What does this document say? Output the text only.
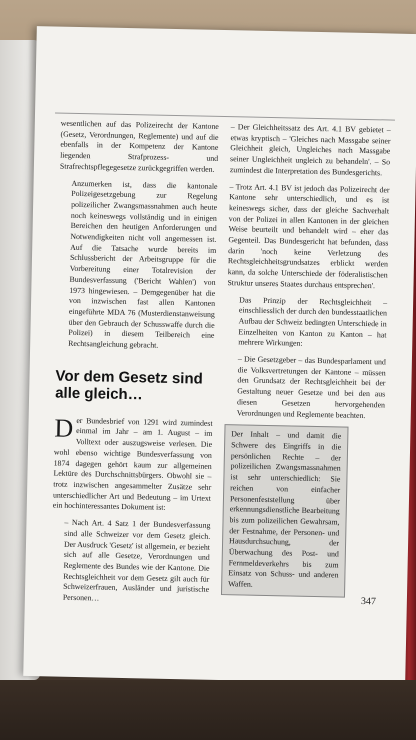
wesentlichen auf das Polizeirecht der Kantone (Gesetz, Verordnungen, Reglemente) und auf die ebenfalls in der Kompetenz der Kantone liegenden Strafprozess- und Strafrechtspflegegesetze zurückgegriffen werden.

Anzumerken ist, dass die kantonale Polizeigesetzgebung zur Regelung polizeilicher Zwangsmassnahmen auch heute noch keineswegs vollständig und in einigen Bereichen den heutigen Anforderungen und Notwendigkeiten nicht voll angemessen ist. Auf die Tatsache wurde bereits im Schlussbericht der Arbeitsgruppe für die Vorbereitung einer Totalrevision der Bundesverfassung ('Bericht Wahlen') von 1973 hingewiesen. – Demgegenüber hat die von inzwischen fast allen Kantonen eingeführte MDA 76 (Musterdienstanweisung über den Gebrauch der Schusswaffe durch die Polizei) in diesem Teilbereich eine Rechtsangleichung gebracht.

Vor dem Gesetz sind alle gleich…

D er Bundesbrief von 1291 wird zumindest einmal im Jahr – am 1. August – im Volltext oder auszugsweise verlesen. Die wohl ebenso wichtige Bundesverfassung von 1874 dagegen gehört kaum zur allgemeinen Lektüre des Durchschnittsbürgers. Obwohl sie – trotz inzwischen angesammelter Zusätze sehr unterschiedlicher Art und Bedeutung – im Urtext ein hochinteressantes Dokument ist:

– Nach Art. 4 Satz 1 der Bundesverfassung sind alle Schweizer vor dem Gesetz gleich. Der Ausdruck 'Gesetz' ist allgemein, er bezieht sich auf alle Gesetze, Verordnungen und Reglemente des Bundes wie der Kantone. Die Rechtsgleichheit vor dem Gesetz gilt auch für Schweizerfrauen, Ausländer und juristische Personen…

– Der Gleichheitssatz des Art. 4.1 BV gebietet – etwas kryptisch – 'Gleiches nach Massgabe seiner Gleichheit gleich, Ungleiches nach Massgabe seiner Ungleichheit ungleich zu behandeln'. – So zumindest die Interpretation des Bundesgerichts.

– Trotz Art. 4.1 BV ist jedoch das Polizeirecht der Kantone sehr unterschiedlich, und es ist keineswegs sicher, dass der gleiche Sachverhalt von der Polizei in allen Kantonen in der gleichen Weise beurteilt und behandelt wird – eher das Gegenteil. Das Bundesgericht hat befunden, dass darin 'noch keine Verletzung des Rechtsgleichheitsgrundsatzes erblickt werden kann, da solche Unterschiede der föderalistischen Struktur unseres Staates durchaus entsprechen'.

Das Prinzip der Rechtsgleichheit – einschliesslich der durch den bundesstaatlichen Aufbau der Schweiz bedingten Unterschiede in Einzelheiten von Kanton zu Kanton – hat mehrere Wirkungen:

– Die Gesetzgeber – das Bundesparlament und die Volksvertretungen der Kantone – müssen den Grundsatz der Rechtsgleichheit bei der Gestaltung neuer Gesetze und bei den aus diesen Gesetzen hervorgehenden Verordnungen und Reglemente beachten.

Der Inhalt – und damit die Schwere des Eingriffs in die persönlichen Rechte – der polizeilichen Zwangsmassnahmen ist sehr unterschiedlich: Sie reichen von einfacher Personenfeststellung über erkennungsdienstliche Bearbeitung bis zum polizeilichen Gewahrsam, der Festnahme, der Personen- und Hausdurchsuchung, der Überwachung des Post- und Fernmeldeverkehrs bis zum Einsatz von Schuss- und anderen Waffen.
347
